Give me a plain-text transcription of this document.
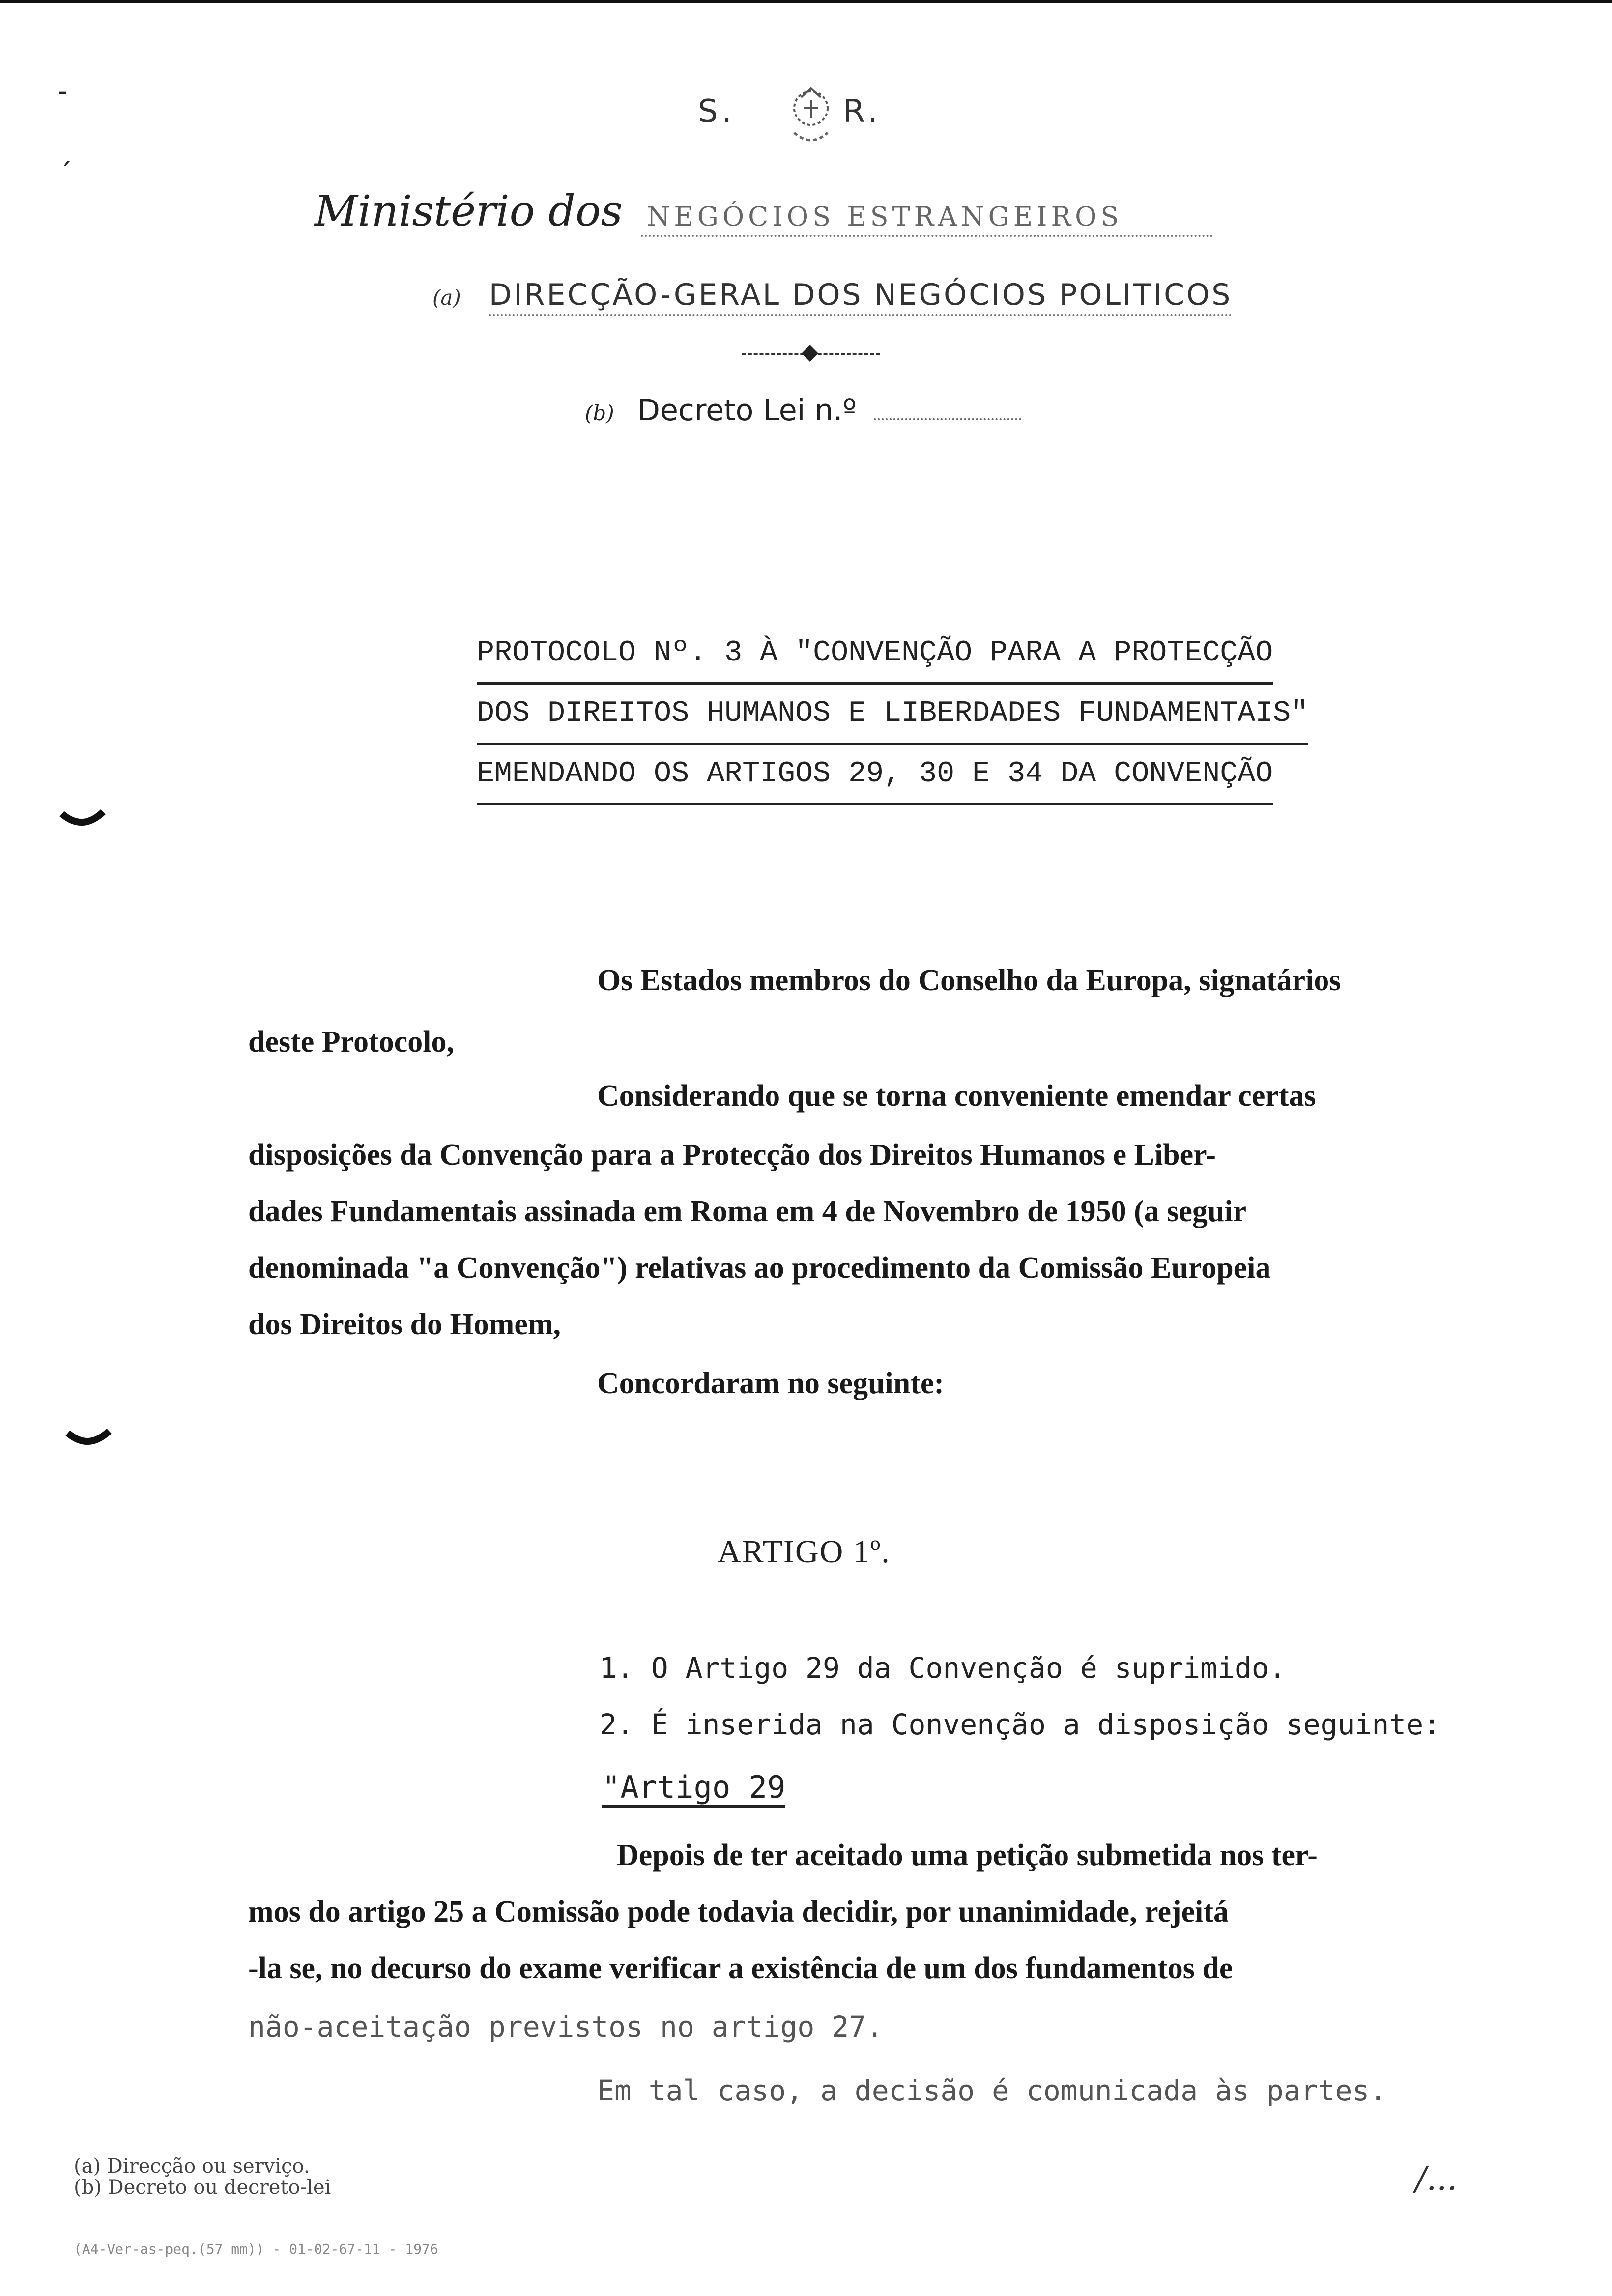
˗
ˊ
S.	R.
Ministério dos NEGÓCIOS ESTRANGEIROS
(a) DIRECÇÃO-GERAL DOS NEGÓCIOS POLITICOS
(b) Decreto Lei n.º
PROTOCOLO Nº. 3 À "CONVENÇÃO PARA A PROTECÇÃO
DOS DIREITOS HUMANOS E LIBERDADES FUNDAMENTAIS"
EMENDANDO OS ARTIGOS 29, 30 E 34 DA CONVENÇÃO
Os Estados membros do Conselho da Europa, signatários
deste Protocolo,
Considerando que se torna conveniente emendar certas
disposições da Convenção para a Protecção dos Direitos Humanos e Liber-
dades Fundamentais assinada em Roma em 4 de Novembro de 1950 (a seguir
denominada "a Convenção") relativas ao procedimento da Comissão Europeia
dos Direitos do Homem,
Concordaram no seguinte:
ARTIGO 1º.
1. O Artigo 29 da Convenção é suprimido.
2. É inserida na Convenção a disposição seguinte:
"Artigo 29
Depois de ter aceitado uma petição submetida nos ter-
mos do artigo 25 a Comissão pode todavia decidir, por unanimidade, rejeitá
-la se, no decurso do exame verificar a existência de um dos fundamentos de
não-aceitação previstos no artigo 27.
Em tal caso, a decisão é comunicada às partes.
(a) Direcção ou serviço.
(b) Decreto ou decreto-lei	/...
(A4-Ver-as-peq.(57 mm)) - 01-02-67-11 - 1976
